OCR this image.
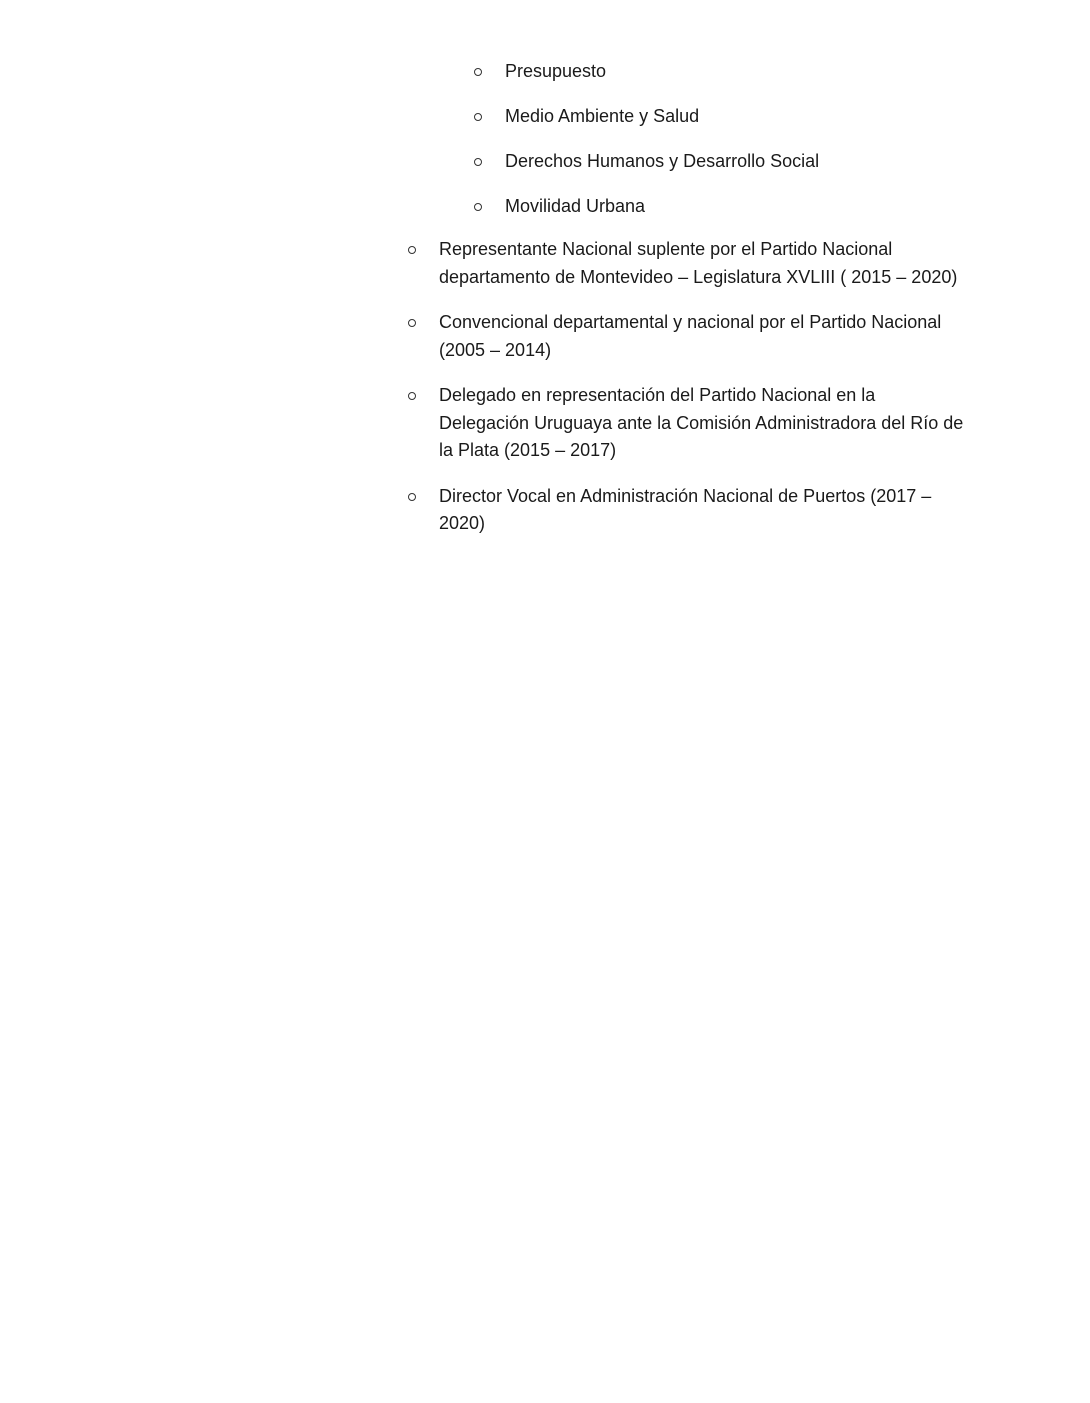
Presupuesto
Medio Ambiente y Salud
Derechos Humanos y Desarrollo Social
Movilidad Urbana
Representante Nacional suplente por el Partido Nacional departamento de Montevideo – Legislatura XVLIII ( 2015 – 2020)
Convencional departamental y nacional por el Partido Nacional (2005 – 2014)
Delegado en representación del Partido Nacional en la Delegación Uruguaya ante la Comisión Administradora del Río de la Plata (2015 – 2017)
Director Vocal en Administración Nacional de Puertos (2017 – 2020)
